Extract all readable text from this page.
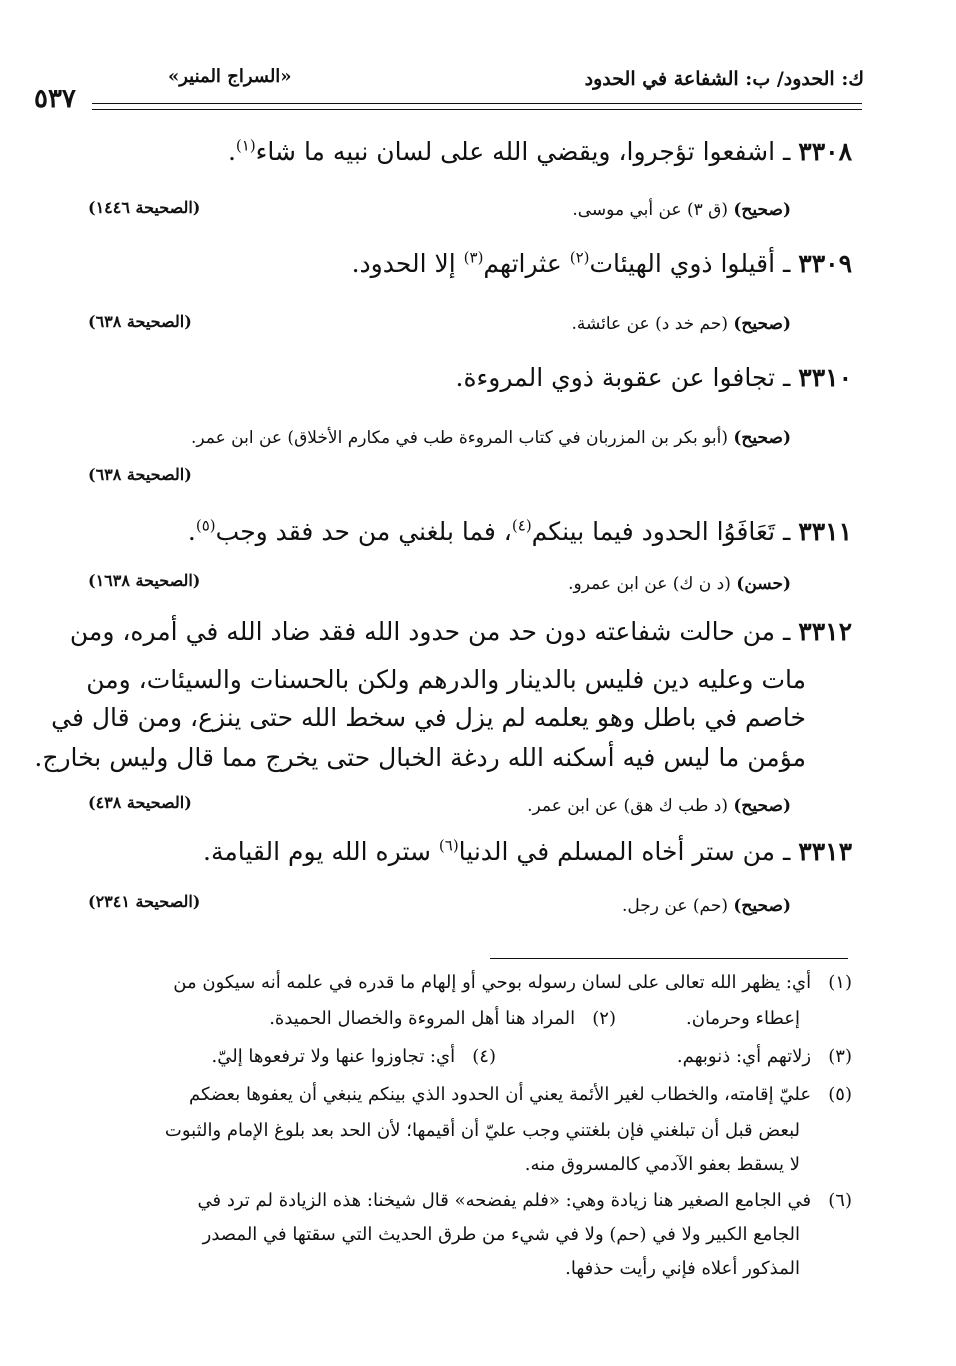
ك: الحدود/ ب: الشفاعة في الحدود
«السراج المنير»
٥٣٧
٣٣٠٨ ـ اشفعوا تؤجروا، ويقضي الله على لسان نبيه ما شاء$^{(١)}$.
(صحيح) (ق ٣) عن أبي موسى.
(الصحيحة ١٤٤٦)
٣٣٠٩ ـ أقيلوا ذوي الهيئات$^{(٢)}$ عثراتهم$^{(٣)}$ إلا الحدود.
(صحيح) (حم خد د) عن عائشة.
(الصحيحة ٦٣٨)
٣٣١٠ ـ تجافوا عن عقوبة ذوي المروءة.
(صحيح) (أبو بكر بن المزربان في كتاب المروءة طب في مكارم الأخلاق) عن ابن عمر.
(الصحيحة ٦٣٨)
٣٣١١ ـ تَعَافَوُا الحدود فيما بينكم$^{(٤)}$، فما بلغني من حد فقد وجب$^{(٥)}$.
(حسن) (د ن ك) عن ابن عمرو.
(الصحيحة ١٦٣٨)
٣٣١٢ ـ من حالت شفاعته دون حد من حدود الله فقد ضاد الله في أمره، ومن
مات وعليه دين فليس بالدينار والدرهم ولكن بالحسنات والسيئات، ومن
خاصم في باطل وهو يعلمه لم يزل في سخط الله حتى ينزع، ومن قال في
مؤمن ما ليس فيه أسكنه الله ردغة الخبال حتى يخرج مما قال وليس بخارج.
(صحيح) (د طب ك هق) عن ابن عمر.
(الصحيحة ٤٣٨)
٣٣١٣ ـ من ستر أخاه المسلم في الدنيا$^{(٦)}$ ستره الله يوم القيامة.
(صحيح) (حم) عن رجل.
(الصحيحة ٢٣٤١)
(١)   أي: يظهر الله تعالى على لسان رسوله بوحي أو إلهام ما قدره في علمه أنه سيكون من
إعطاء وحرمان.
(٢)   المراد هنا أهل المروءة والخصال الحميدة.
(٣)   زلاتهم أي: ذنوبهم.
(٤)   أي: تجاوزوا عنها ولا ترفعوها إليّ.
(٥)   عليّ إقامته، والخطاب لغير الأئمة يعني أن الحدود الذي بينكم ينبغي أن يعفوها بعضكم
لبعض قبل أن تبلغني فإن بلغتني وجب عليّ أن أقيمها؛ لأن الحد بعد بلوغ الإمام والثبوت
لا يسقط بعفو الآدمي كالمسروق منه.
(٦)   في الجامع الصغير هنا زيادة وهي: «فلم يفضحه» قال شيخنا: هذه الزيادة لم ترد في
الجامع الكبير ولا في (حم) ولا في شيء من طرق الحديث التي سقتها في المصدر
المذكور أعلاه فإني رأيت حذفها.
